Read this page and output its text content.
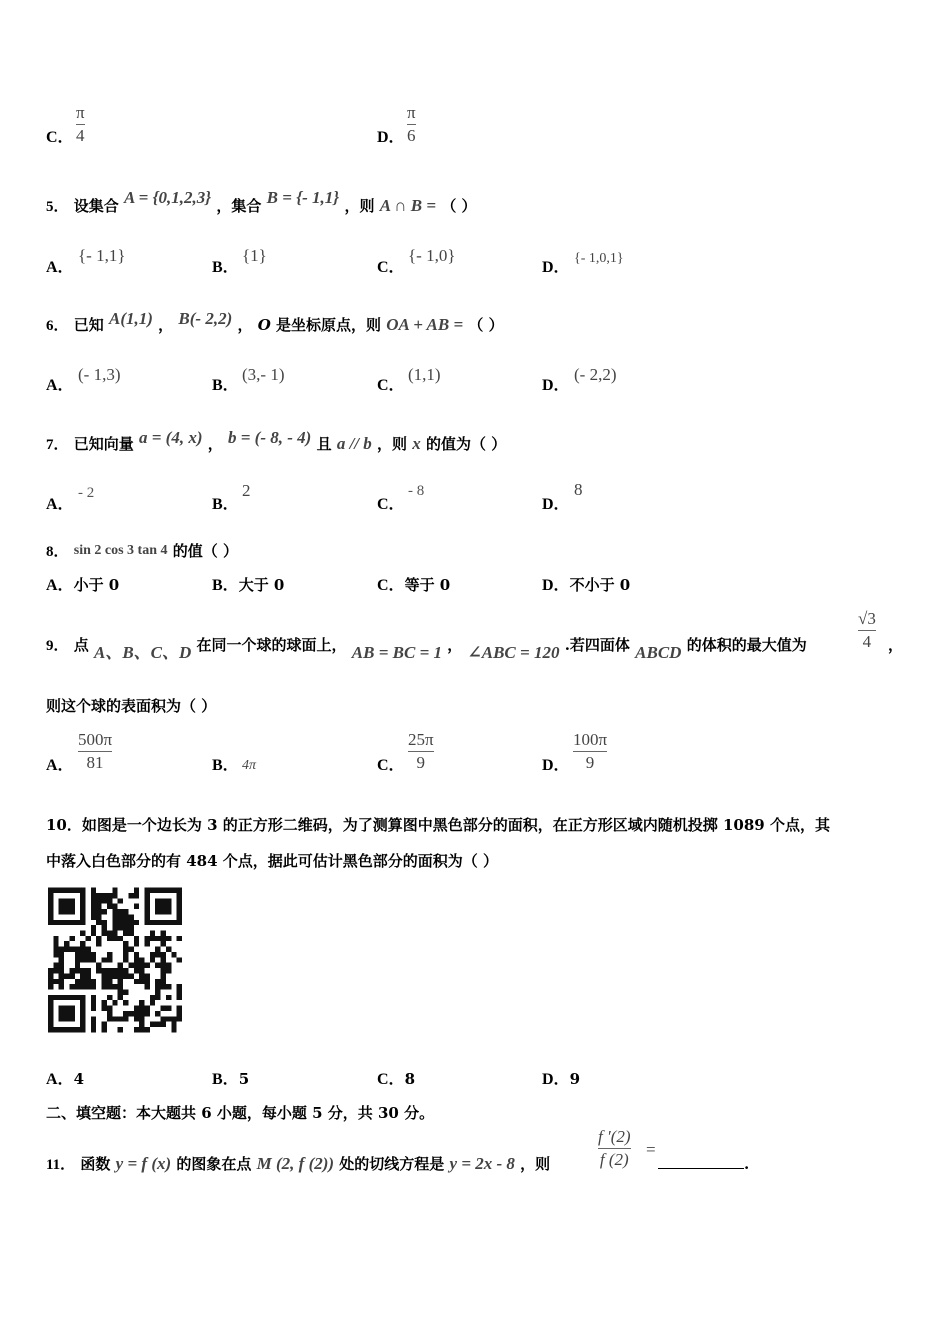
C．
π
4	D．
π
6
5． 设集合 A = {0,1,2,3} ，集合 B = {- 1,1} ，则 A ∩ B = （ ）
A．
{- 1,1}
B．
{1}
C．
{- 1,0}
D．
{- 1,0,1}
6． 已知 A(1,1) ， B(- 2,2) ， O 是坐标原点，则 OA + AB = （ ）
A．
(- 1,3)
B．
(3,- 1)
C．
(1,1)
D．
(- 2,2)
7． 已知向量 a = (4, x) ， b = (- 8, - 4) 且 a // b ，则 x 的值为（ ）
A．
- 2
B．
2
C．
- 8
D．
8
8． sin 2 cos 3 tan 4 的值（ ）
A．小于 0	B．大于 0	C．等于 0	D．不小于 0
9． 点 A、B、C、D 在同一个球的球面上， AB = BC = 1 ， ∠ABC = 120 .若四面体 ABCD 的体积的最大值为
√3
4 ，
则这个球的表面积为（ ）
A．
500π
81	B． 4π	C．
25π
9	D．
100π
9
10．如图是一个边长为 3 的正方形二维码，为了测算图中黑色部分的面积，在正方形区域内随机投掷 1089 个点，其
中落入白色部分的有 484 个点，据此可估计黑色部分的面积为（ ）
A．4	B．5	C．8	D．9
二、填空题：本大题共 6 小题，每小题 5 分，共 30 分。
11． 函数 y = f (x) 的图象在点 M (2, f (2)) 处的切线方程是 y = 2x - 8 ，则
f ′(2)
f (2)
=
.
